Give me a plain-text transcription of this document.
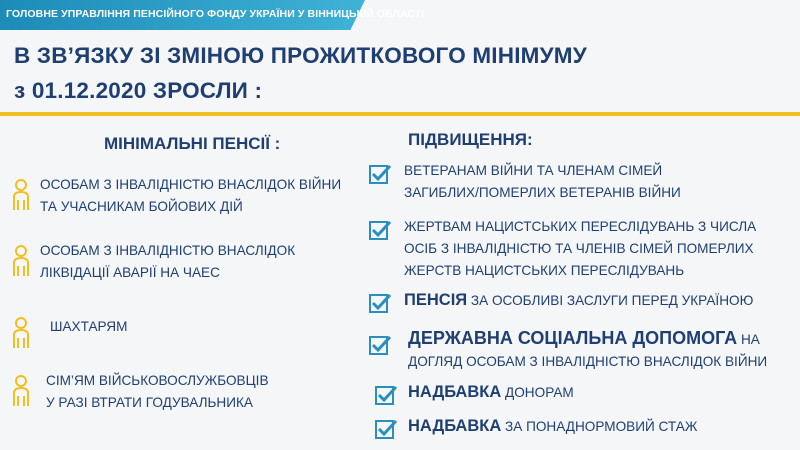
ГОЛОВНЕ УПРАВЛІННЯ ПЕНСІЙНОГО ФОНДУ УКРАЇНИ У ВІННИЦЬКІЙ ОБЛАСТІ
В ЗВ’ЯЗКУ ЗІ ЗМІНОЮ ПРОЖИТКОВОГО МІНІМУМУ
з 01.12.2020 ЗРОСЛИ :
МІНІМАЛЬНІ ПЕНСІЇ :
ОСОБАМ З ІНВАЛІДНІСТЮ ВНАСЛІДОК ВІЙНИ
ТА УЧАСНИКАМ БОЙОВИХ ДІЙ
ОСОБАМ З ІНВАЛІДНІСТЮ ВНАСЛІДОК
ЛІКВІДАЦІЇ АВАРІЇ НА ЧАЕС
ШАХТАРЯМ
СІМ’ЯМ ВІЙСЬКОВОСЛУЖБОВЦІВ
У РАЗІ ВТРАТИ ГОДУВАЛЬНИКА
ПІДВИЩЕННЯ:
ВЕТЕРАНАМ ВІЙНИ ТА ЧЛЕНАМ СІМЕЙ
ЗАГИБЛИХ/ПОМЕРЛИХ ВЕТЕРАНІВ ВІЙНИ
ЖЕРТВАМ НАЦИСТСЬКИХ ПЕРЕСЛІДУВАНЬ З ЧИСЛА
ОСІБ З ІНВАЛІДНІСТЮ ТА ЧЛЕНІВ СІМЕЙ ПОМЕРЛИХ
ЖЕРСТВ НАЦИСТСЬКИХ ПЕРЕСЛІДУВАНЬ
ПЕНСІЯ ЗА ОСОБЛИВІ ЗАСЛУГИ ПЕРЕД УКРАЇНОЮ
ДЕРЖАВНА СОЦІАЛЬНА ДОПОМОГА НА
ДОГЛЯД ОСОБАМ З ІНВАЛІДНІСТЮ ВНАСЛІДОК ВІЙНИ
НАДБАВКА ДОНОРАМ
НАДБАВКА ЗА ПОНАДНОРМОВИЙ СТАЖ
